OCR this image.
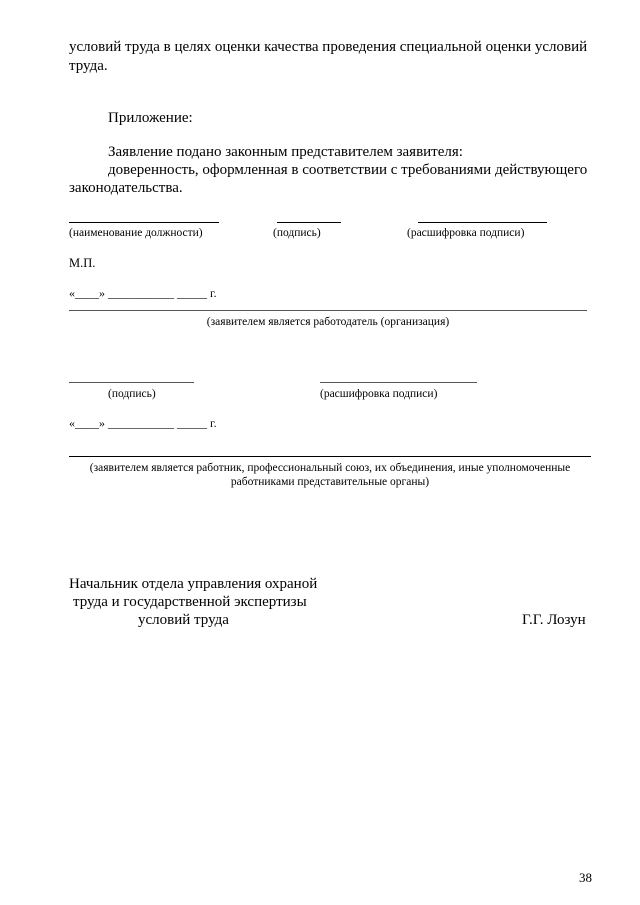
условий труда в целях оценки качества проведения специальной оценки условий
труда.
Приложение:
Заявление подано законным представителем заявителя:
доверенность, оформленная в соответствии с требованиями действующего
законодательства.
(наименование должности)	(подпись)	(расшифровка подписи)
М.П.
«____» ___________ _____ г.
(заявителем является работодатель (организация)
(подпись)	(расшифровка подписи)
«____» ___________ _____ г.
(заявителем является работник, профессиональный союз, их объединения, иные уполномоченные
работниками представительные органы)
Начальник отдела управления охраной
труда и государственной экспертизы
условий труда	Г.Г. Лозун
38
